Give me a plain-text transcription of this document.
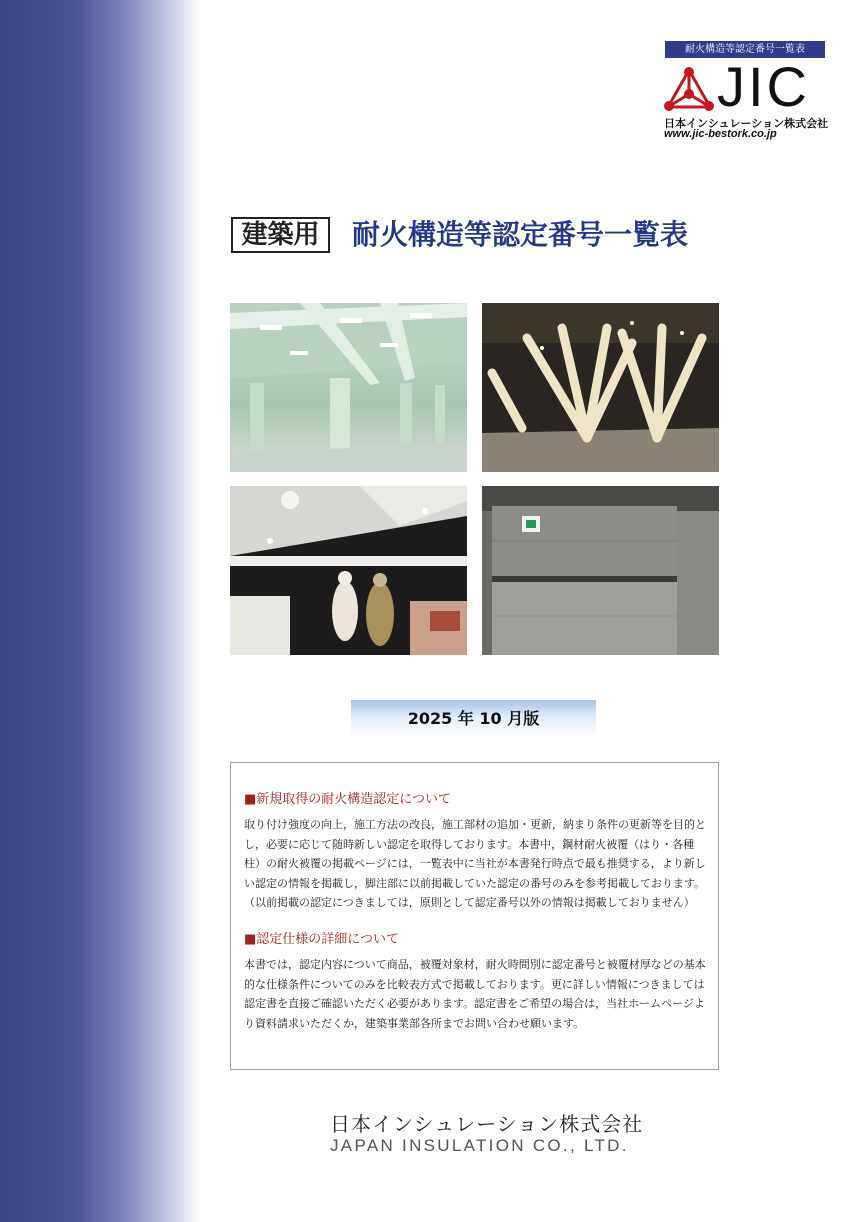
耐火構造等認定番号一覧表
JIC
日本インシュレーション株式会社
www.jic-bestork.co.jp
建築用	耐火構造等認定番号一覧表
2025 年 10 月版

■新規取得の耐火構造認定について

取り付け強度の向上，施工方法の改良，施工部材の追加・更新，納まり条件の更新等を目的とし，必要に応じて随時新しい認定を取得しております。本書中，鋼材耐火被覆（はり・各種柱）の耐火被覆の掲載ページには，一覧表中に当社が本書発行時点で最も推奨する，より新しい認定の情報を掲載し，脚注部に以前掲載していた認定の番号のみを参考掲載しております。（以前掲載の認定につきましては，原則として認定番号以外の情報は掲載しておりません）

■認定仕様の詳細について

本書では，認定内容について商品，被覆対象材，耐火時間別に認定番号と被覆材厚などの基本的な仕様条件についてのみを比較表方式で掲載しております。更に詳しい情報につきましては認定書を直接ご確認いただく必要があります。認定書をご希望の場合は，当社ホームページより資料請求いただくか，建築事業部各所までお問い合わせ願います。

日本インシュレーション株式会社
JAPAN INSULATION CO., LTD.
